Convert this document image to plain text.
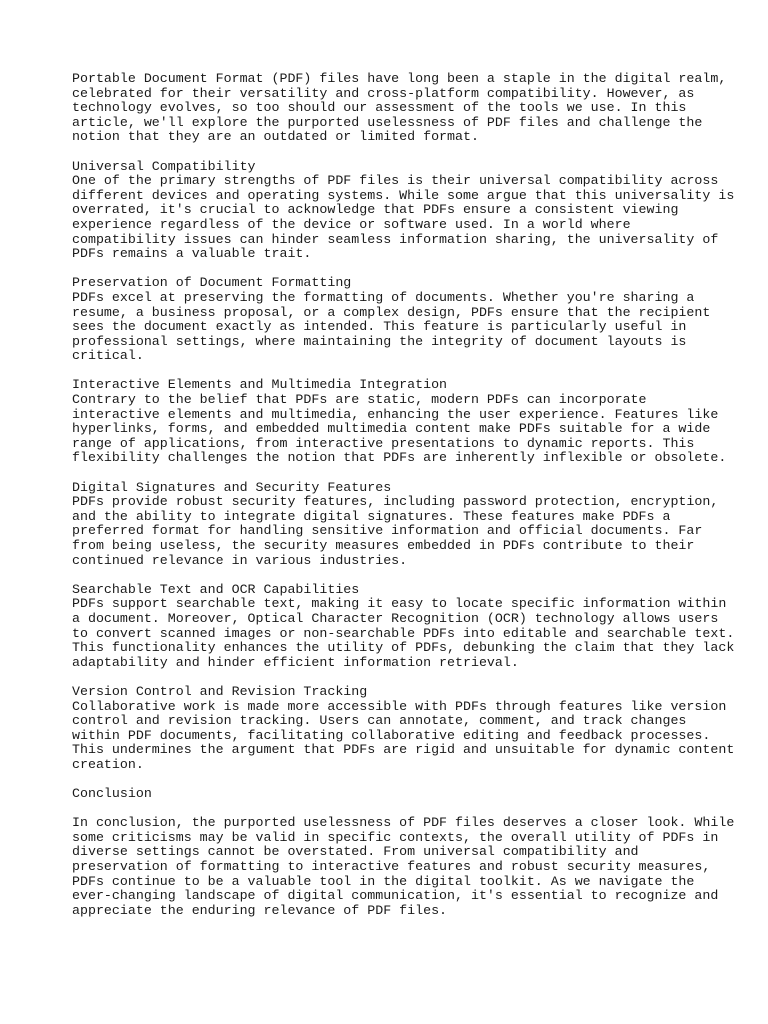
Portable Document Format (PDF) files have long been a staple in the digital realm,
celebrated for their versatility and cross-platform compatibility. However, as
technology evolves, so too should our assessment of the tools we use. In this
article, we'll explore the purported uselessness of PDF files and challenge the
notion that they are an outdated or limited format.
Universal Compatibility
One of the primary strengths of PDF files is their universal compatibility across
different devices and operating systems. While some argue that this universality is
overrated, it's crucial to acknowledge that PDFs ensure a consistent viewing
experience regardless of the device or software used. In a world where
compatibility issues can hinder seamless information sharing, the universality of
PDFs remains a valuable trait.
Preservation of Document Formatting
PDFs excel at preserving the formatting of documents. Whether you're sharing a
resume, a business proposal, or a complex design, PDFs ensure that the recipient
sees the document exactly as intended. This feature is particularly useful in
professional settings, where maintaining the integrity of document layouts is
critical.
Interactive Elements and Multimedia Integration
Contrary to the belief that PDFs are static, modern PDFs can incorporate
interactive elements and multimedia, enhancing the user experience. Features like
hyperlinks, forms, and embedded multimedia content make PDFs suitable for a wide
range of applications, from interactive presentations to dynamic reports. This
flexibility challenges the notion that PDFs are inherently inflexible or obsolete.
Digital Signatures and Security Features
PDFs provide robust security features, including password protection, encryption,
and the ability to integrate digital signatures. These features make PDFs a
preferred format for handling sensitive information and official documents. Far
from being useless, the security measures embedded in PDFs contribute to their
continued relevance in various industries.
Searchable Text and OCR Capabilities
PDFs support searchable text, making it easy to locate specific information within
a document. Moreover, Optical Character Recognition (OCR) technology allows users
to convert scanned images or non-searchable PDFs into editable and searchable text.
This functionality enhances the utility of PDFs, debunking the claim that they lack
adaptability and hinder efficient information retrieval.
Version Control and Revision Tracking
Collaborative work is made more accessible with PDFs through features like version
control and revision tracking. Users can annotate, comment, and track changes
within PDF documents, facilitating collaborative editing and feedback processes.
This undermines the argument that PDFs are rigid and unsuitable for dynamic content
creation.
Conclusion
In conclusion, the purported uselessness of PDF files deserves a closer look. While
some criticisms may be valid in specific contexts, the overall utility of PDFs in
diverse settings cannot be overstated. From universal compatibility and
preservation of formatting to interactive features and robust security measures,
PDFs continue to be a valuable tool in the digital toolkit. As we navigate the
ever-changing landscape of digital communication, it's essential to recognize and
appreciate the enduring relevance of PDF files.
